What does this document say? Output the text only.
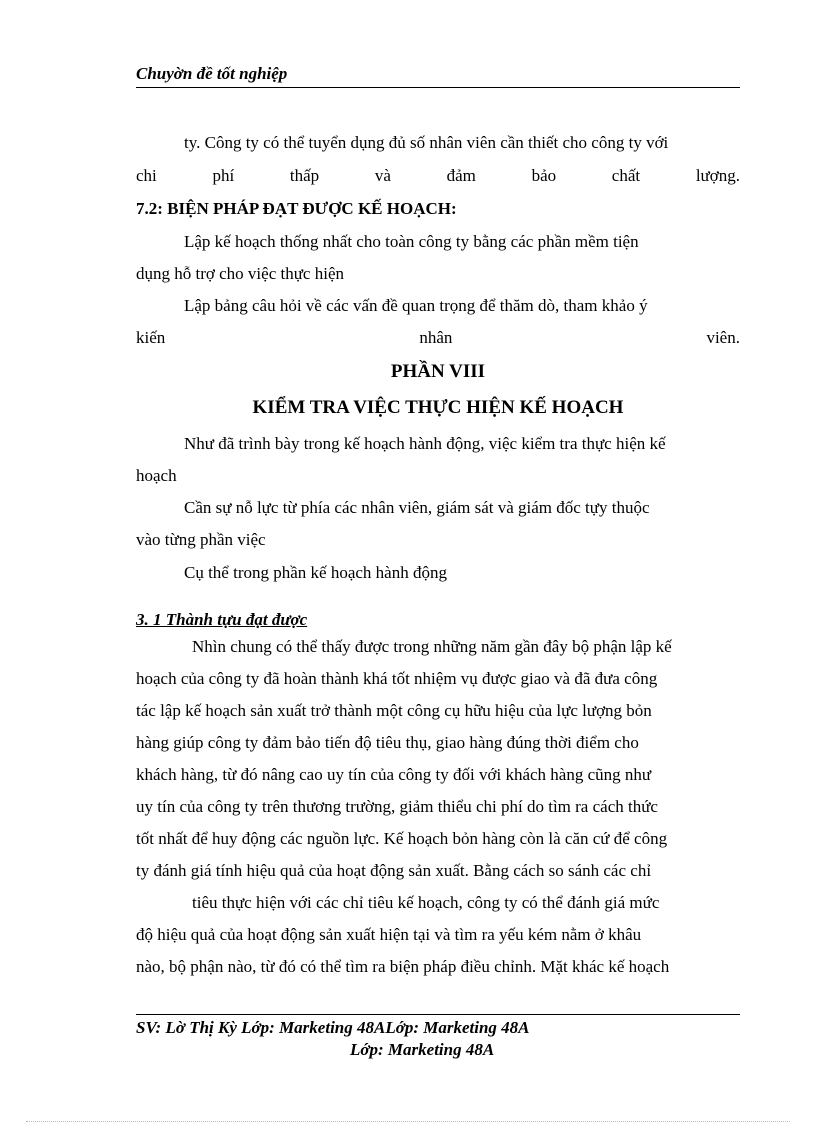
Chuyờn đề tốt nghiệp
ty. Công ty có thể tuyển dụng đủ số nhân viên cần thiết cho công ty với
chi	phí	thấp	và	đảm	bảo	chất	lượng.
7.2: BIỆN PHÁP ĐẠT ĐƯỢC KẾ HOẠCH:
Lập kế hoạch thống nhất cho toàn công ty bằng các phần mềm tiện
dụng hỗ trợ cho việc thực hiện
Lập bảng câu hỏi về các vấn đề quan trọng để thăm dò, tham khảo ý
kiến	nhân	viên.
PHẦN VIII
KIỂM TRA VIỆC THỰC HIỆN KẾ HOẠCH
Như đã trình bày trong kế hoạch hành động, việc kiểm tra thực hiện kế
hoạch
Cần sự nỗ lực từ phía các nhân viên, giám sát và giám đốc tựy thuộc
vào từng phần việc
Cụ thể trong phần kế hoạch hành động
3. 1 Thành tựu đạt được
Nhìn chung có thể thấy được trong những năm gần đây bộ phận lập kế
hoạch của công ty đã hoàn thành khá tốt nhiệm vụ được giao và đã đưa công
tác lập kế hoạch sản xuất trở thành một công cụ hữu hiệu của lực lượng bỏn
hàng giúp công ty đảm bảo tiến độ tiêu thụ, giao hàng đúng thời điểm cho
khách hàng, từ đó nâng cao uy tín của công ty đối với khách hàng cũng như
uy tín của công ty trên thương trường, giảm thiểu chi phí do tìm ra cách thức
tốt nhất để huy động các nguồn lực. Kế hoạch bỏn hàng còn là căn cứ để công
ty đánh giá tính hiệu quả của hoạt động sản xuất. Bằng cách so sánh các chỉ
tiêu thực hiện với các chỉ tiêu kế hoạch, công ty có thể đánh giá mức
độ hiệu quả của hoạt động sản xuất hiện tại và tìm ra yếu kém nằm ở khâu
nào, bộ phận nào, từ đó có thể tìm ra biện pháp điều chỉnh. Mặt khác kế hoạch
SV: Lờ Thị Kỳ Lớp: Marketing 48ALớp: Marketing 48A
Lớp: Marketing 48A
